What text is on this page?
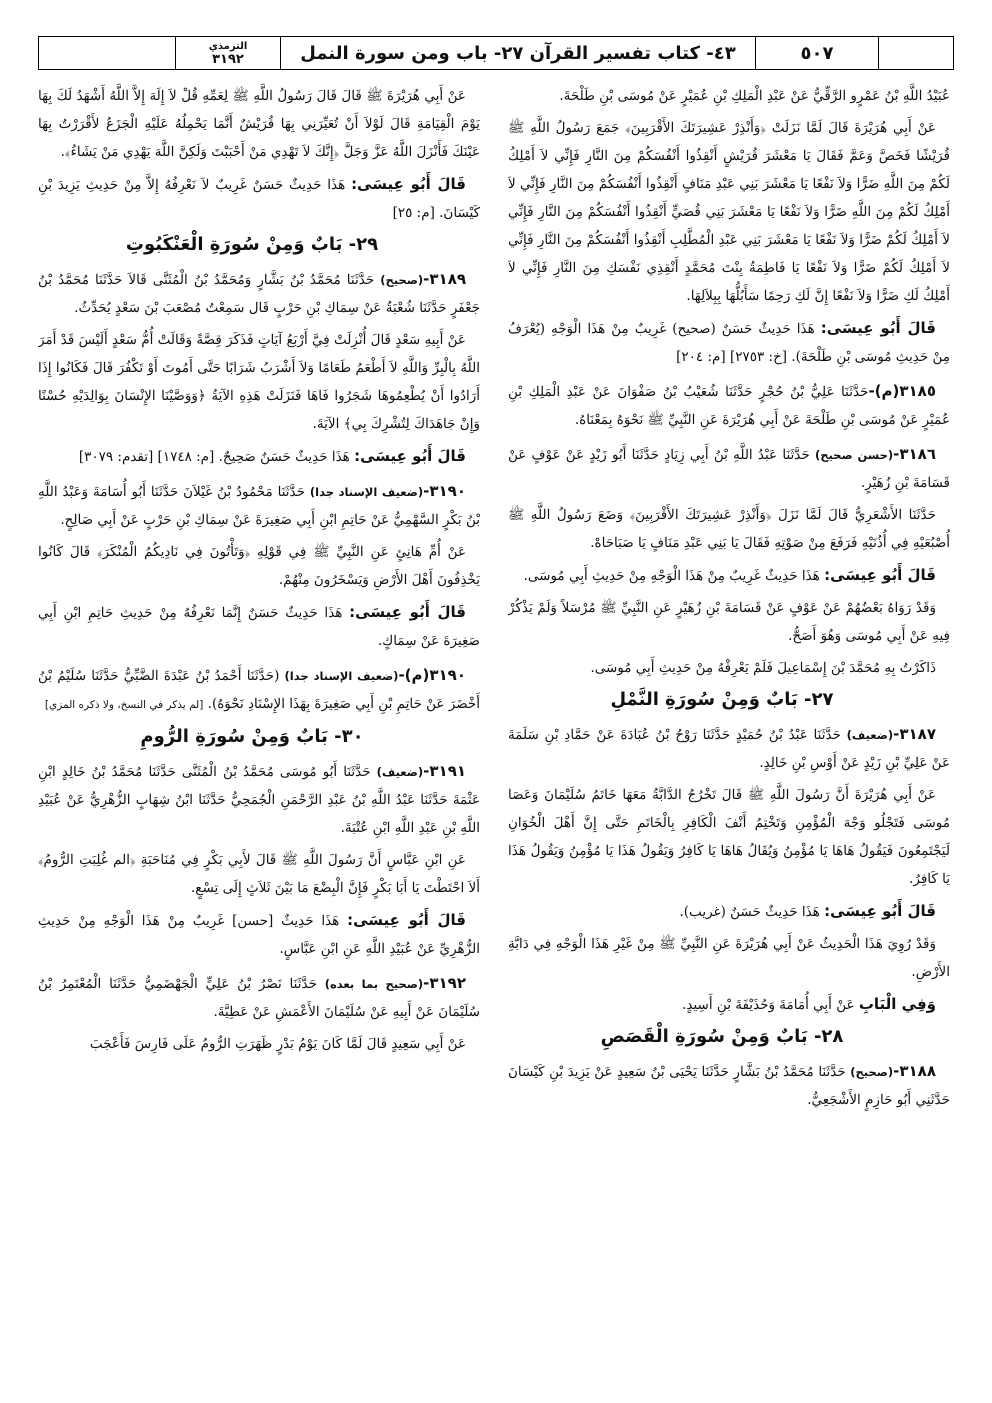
٥٠٧
٤٣- كتاب تفسير القرآن ٢٧- باب ومن سورة النمل
الترمذي
٣١٩٢

عُبَيْدُ اللَّهِ بْنُ عَمْرٍو الرَّقِّيُّ عَنْ عَبْدِ الْمَلِكِ بْنِ عُمَيْرٍ عَنْ مُوسَى بْنِ طَلْحَةَ.

عَنْ أَبِي هُرَيْرَةَ قَالَ لَمَّا نَزَلَتْ ﴿وَأَنْذِرْ عَشِيرَتَكَ الأَقْرَبِينَ﴾ جَمَعَ رَسُولُ اللَّهِ ﷺ قُرَيْشًا فَخَصَّ وَعَمَّ فَقَالَ يَا مَعْشَرَ قُرَيْشٍ أَنْقِذُوا أَنْفُسَكُمْ مِنَ النَّارِ فَإِنِّي لاَ أَمْلِكُ لَكُمْ مِنَ اللَّهِ ضَرًّا وَلاَ نَفْعًا يَا مَعْشَرَ بَنِي عَبْدِ مَنَافٍ أَنْقِذُوا أَنْفُسَكُمْ مِنَ النَّارِ فَإِنِّي لاَ أَمْلِكُ لَكُمْ مِنَ اللَّهِ ضَرًّا وَلاَ نَفْعًا يَا مَعْشَرَ بَنِي قُصَيٍّ أَنْقِذُوا أَنْفُسَكُمْ مِنَ النَّارِ فَإِنِّي لاَ أَمْلِكُ لَكُمْ ضَرًّا وَلاَ نَفْعًا يَا مَعْشَرَ بَنِي عَبْدِ الْمُطَّلِبِ أَنْقِذُوا أَنْفُسَكُمْ مِنَ النَّارِ فَإِنِّي لاَ أَمْلِكُ لَكُمْ ضَرًّا وَلاَ نَفْعًا يَا فَاطِمَةُ بِنْتَ مُحَمَّدٍ أَنْقِذِي نَفْسَكِ مِنَ النَّارِ فَإِنِّي لاَ أَمْلِكُ لَكِ ضَرًّا وَلاَ نَفْعًا إِنَّ لَكِ رَحِمًا سَأَبُلُّهَا بِبِلاَلِهَا.

قَالَ أَبُو عِيسَى: هَذَا حَدِيثٌ حَسَنٌ (صحيح) غَرِيبٌ مِنْ هَذَا الْوَجْهِ (يُعْرَفُ مِنْ حَدِيثِ مُوسَى بْنِ طَلْحَةَ). [خ: ٢٧٥٣] [م: ٢٠٤]

٣١٨٥(م)-حَدَّثَنَا عَلِيُّ بْنُ حُجْرٍ حَدَّثَنَا شُعَيْبُ بْنُ صَفْوَانَ عَنْ عَبْدِ الْمَلِكِ بْنِ عُمَيْرٍ عَنْ مُوسَى بْنِ طَلْحَةَ عَنْ أَبِي هُرَيْرَةَ عَنِ النَّبِيِّ ﷺ نَحْوَهُ بِمَعْنَاهُ.

٣١٨٦-(حسن صحيح) حَدَّثَنَا عَبْدُ اللَّهِ بْنُ أَبِي زِيَادٍ حَدَّثَنَا أَبُو زَيْدٍ عَنْ عَوْفٍ عَنْ قَسَامَةَ بْنِ زُهَيْرٍ.

حَدَّثَنَا الأَشْعَرِيُّ قَالَ لَمَّا نَزَلَ ﴿وَأَنْذِرْ عَشِيرَتَكَ الأَقْرَبِينَ﴾ وَضَعَ رَسُولُ اللَّهِ ﷺ أُصْبُعَيْهِ فِي أُذُنَيْهِ فَرَفَعَ مِنْ صَوْتِهِ فَقَالَ يَا بَنِي عَبْدِ مَنَافٍ يَا صَبَاحَاهْ.

قَالَ أَبُو عِيسَى: هَذَا حَدِيثٌ غَرِيبٌ مِنْ هَذَا الْوَجْهِ مِنْ حَدِيثِ أَبِي مُوسَى.

وَقَدْ رَوَاهُ بَعْضُهُمْ عَنْ عَوْفٍ عَنْ قَسَامَةَ بْنِ زُهَيْرٍ عَنِ النَّبِيِّ ﷺ مُرْسَلاً وَلَمْ يَذْكُرْ فِيهِ عَنْ أَبِي مُوسَى وَهُوَ أَصَحُّ.

ذَاكَرْتُ بِهِ مُحَمَّدَ بْنَ إِسْمَاعِيلَ فَلَمْ يَعْرِفْهُ مِنْ حَدِيثِ أَبِي مُوسَى.

٢٧- بَابٌ وَمِنْ سُورَةِ النَّمْلِ

٣١٨٧-(ضعيف) حَدَّثَنَا عَبْدُ بْنُ حُمَيْدٍ حَدَّثَنَا رَوْحُ بْنُ عُبَادَةَ عَنْ حَمَّادِ بْنِ سَلَمَةَ عَنْ عَلِيِّ بْنِ زَيْدٍ عَنْ أَوْسِ بْنِ خَالِدٍ.

عَنْ أَبِي هُرَيْرَةَ أَنَّ رَسُولَ اللَّهِ ﷺ قَالَ تَخْرُجُ الدَّابَّةُ مَعَهَا خَاتَمُ سُلَيْمَانَ وَعَصَا مُوسَى فَتَجْلُو وَجْهَ الْمُؤْمِنِ وَتَخْتِمُ أَنْفَ الْكَافِرِ بِالْخَاتَمِ حَتَّى إِنَّ أَهْلَ الْخُوَانِ لَيَجْتَمِعُونَ فَيَقُولُ هَاهَا يَا مُؤْمِنُ وَيُقَالُ هَاهَا يَا كَافِرُ وَيَقُولُ هَذَا يَا مُؤْمِنُ وَيَقُولُ هَذَا يَا كَافِرُ.

قَالَ أَبُو عِيسَى: هَذَا حَدِيثٌ حَسَنٌ (غريب).

وَقَدْ رُوِيَ هَذَا الْحَدِيثُ عَنْ أَبِي هُرَيْرَةَ عَنِ النَّبِيِّ ﷺ مِنْ غَيْرِ هَذَا الْوَجْهِ فِي دَابَّةِ الأَرْضِ.

وَفِي الْبَابِ عَنْ أَبِي أُمَامَةَ وَحُذَيْفَةَ بْنِ أَسِيدٍ.

٢٨- بَابٌ وَمِنْ سُورَةِ الْقَصَصِ

٣١٨٨-(صحيح) حَدَّثَنَا مُحَمَّدُ بْنُ بَشَّارٍ حَدَّثَنَا يَحْيَى بْنُ سَعِيدٍ عَنْ يَزِيدَ بْنِ كَيْسَانَ حَدَّثَنِي أَبُو حَازِمٍ الأَشْجَعِيُّ.

عَنْ أَبِي هُرَيْرَةَ ﷺ قَالَ قَالَ رَسُولُ اللَّهِ ﷺ لِعَمِّهِ قُلْ لاَ إِلَهَ إِلاَّ اللَّهُ أَشْهَدُ لَكَ بِهَا يَوْمَ الْقِيَامَةِ قَالَ لَوْلاَ أَنْ تُعَيِّرَنِي بِهَا قُرَيْشٌ أَنَّمَا يَحْمِلُهُ عَلَيْهِ الْجَزَعُ لأَقْرَرْتُ بِهَا عَيْنَكَ فَأَنْزَلَ اللَّهُ عَزَّ وَجَلَّ ﴿إِنَّكَ لاَ تَهْدِي مَنْ أَحْبَبْتَ وَلَكِنَّ اللَّهَ يَهْدِي مَنْ يَشَاءُ﴾.

قَالَ أَبُو عِيسَى: هَذَا حَدِيثٌ حَسَنٌ غَرِيبٌ لاَ نَعْرِفُهُ إِلاَّ مِنْ حَدِيثِ يَزِيدَ بْنِ كَيْسَانَ. [م: ٢٥]

٢٩- بَابٌ وَمِنْ سُورَةِ الْعَنْكَبُوتِ

٣١٨٩-(صحيح) حَدَّثَنَا مُحَمَّدُ بْنُ بَشَّارٍ وَمُحَمَّدُ بْنُ الْمُثَنَّى قَالاَ حَدَّثَنَا مُحَمَّدُ بْنُ جَعْفَرٍ حَدَّثَنَا شُعْبَةُ عَنْ سِمَاكِ بْنِ حَرْبٍ قَال سَمِعْتُ مُصْعَبَ بْنَ سَعْدٍ يُحَدِّثُ.

عَنْ أَبِيهِ سَعْدٍ قَالَ أُنْزِلَتْ فِيَّ أَرْبَعُ آيَاتٍ فَذَكَرَ قِصَّةً وَقَالَتْ أُمُّ سَعْدٍ أَلَيْسَ قَدْ أَمَرَ اللَّهُ بِالْبِرِّ وَاللَّهِ لاَ أَطْعَمُ طَعَامًا وَلاَ أَشْرَبُ شَرَابًا حَتَّى أَمُوتَ أَوْ تَكْفُرَ قَالَ فَكَانُوا إِذَا أَرَادُوا أَنْ يُطْعِمُوهَا شَجَرُوا فَاهَا فَنَزَلَتْ هَذِهِ الآيَةُ ﴿وَوَصَّيْنَا الإِنْسَانَ بِوَالِدَيْهِ حُسْنًا وَإِنْ جَاهَدَاكَ لِتُشْرِكَ بِي﴾ الآيَةَ.

قَالَ أَبُو عِيسَى: هَذَا حَدِيثٌ حَسَنٌ صَحِيحٌ. [م: ١٧٤٨] [تقدم: ٣٠٧٩]

٣١٩٠-(ضعيف الإسناد جدا) حَدَّثَنَا مَحْمُودُ بْنُ غَيْلاَنَ حَدَّثَنَا أَبُو أُسَامَةَ وَعَبْدُ اللَّهِ بْنُ بَكْرٍ السَّهْمِيُّ عَنْ حَاتِمِ ابْنِ أَبِي صَغِيرَةَ عَنْ سِمَاكِ بْنِ حَرْبٍ عَنْ أَبِي صَالِحٍ.

عَنْ أُمِّ هَانِئٍ عَنِ النَّبِيِّ ﷺ فِي قَوْلِهِ ﴿وَتَأْتُونَ فِي نَادِيكُمُ الْمُنْكَرَ﴾ قَالَ كَانُوا يَخْذِفُونَ أَهْلَ الأَرْضِ وَيَسْخَرُونَ مِنْهُمْ.

قَالَ أَبُو عِيسَى: هَذَا حَدِيثٌ حَسَنٌ إِنَّمَا نَعْرِفُهُ مِنْ حَدِيثِ حَاتِمِ ابْنِ أَبِي صَغِيرَةَ عَنْ سِمَاكٍ.

٣١٩٠(م)-(ضعيف الإسناد جدا) (حَدَّثَنَا أَحْمَدُ بْنُ عَبْدَةَ الضَّبِّيُّ حَدَّثَنَا سُلَيْمُ بْنُ أَخْضَرَ عَنْ حَاتِمِ بْنِ أَبِي صَغِيرَةَ بِهَذَا الإِسْنَادِ نَحْوَهُ). [لم يذكر في النسخ، ولا ذكره المزي]

٣٠- بَابٌ وَمِنْ سُورَةِ الرُّومِ

٣١٩١-(ضعيف) حَدَّثَنَا أَبُو مُوسَى مُحَمَّدُ بْنُ الْمُثَنَّى حَدَّثَنَا مُحَمَّدُ بْنُ خَالِدٍ ابْنِ عَثْمَةَ حَدَّثَنَا عَبْدُ اللَّهِ بْنُ عَبْدِ الرَّحْمَنِ الْجُمَحِيُّ حَدَّثَنَا ابْنُ شِهَابٍ الزُّهْرِيُّ عَنْ عُبَيْدِ اللَّهِ بْنِ عَبْدِ اللَّهِ ابْنِ عُتْبَةَ.

عَنِ ابْنِ عَبَّاسٍ أَنَّ رَسُولَ اللَّهِ ﷺ قَالَ لأَبِي بَكْرٍ فِي مُنَاحَبَةِ ﴿الم غُلِبَتِ الرُّومُ﴾ أَلاَ احْتَطْتَ يَا أَبَا بَكْرٍ فَإِنَّ الْبِضْعَ مَا بَيْنَ ثَلاَثٍ إِلَى تِسْعٍ.

قَالَ أَبُو عِيسَى: هَذَا حَدِيثٌ [حسن] غَرِيبٌ مِنْ هَذَا الْوَجْهِ مِنْ حَدِيثِ الزُّهْرِيِّ عَنْ عُبَيْدِ اللَّهِ عَنِ ابْنِ عَبَّاسٍ.

٣١٩٢-(صحيح بما بعده) حَدَّثَنَا نَصْرُ بْنُ عَلِيٍّ الْجَهْضَمِيُّ حَدَّثَنَا الْمُعْتَمِرُ بْنُ سُلَيْمَانَ عَنْ أَبِيهِ عَنْ سُلَيْمَانَ الأَعْمَشِ عَنْ عَطِيَّةَ.

عَنْ أَبِي سَعِيدٍ قَالَ لَمَّا كَانَ يَوْمُ بَدْرٍ ظَهَرَتِ الرُّومُ عَلَى فَارِسَ فَأَعْجَبَ
